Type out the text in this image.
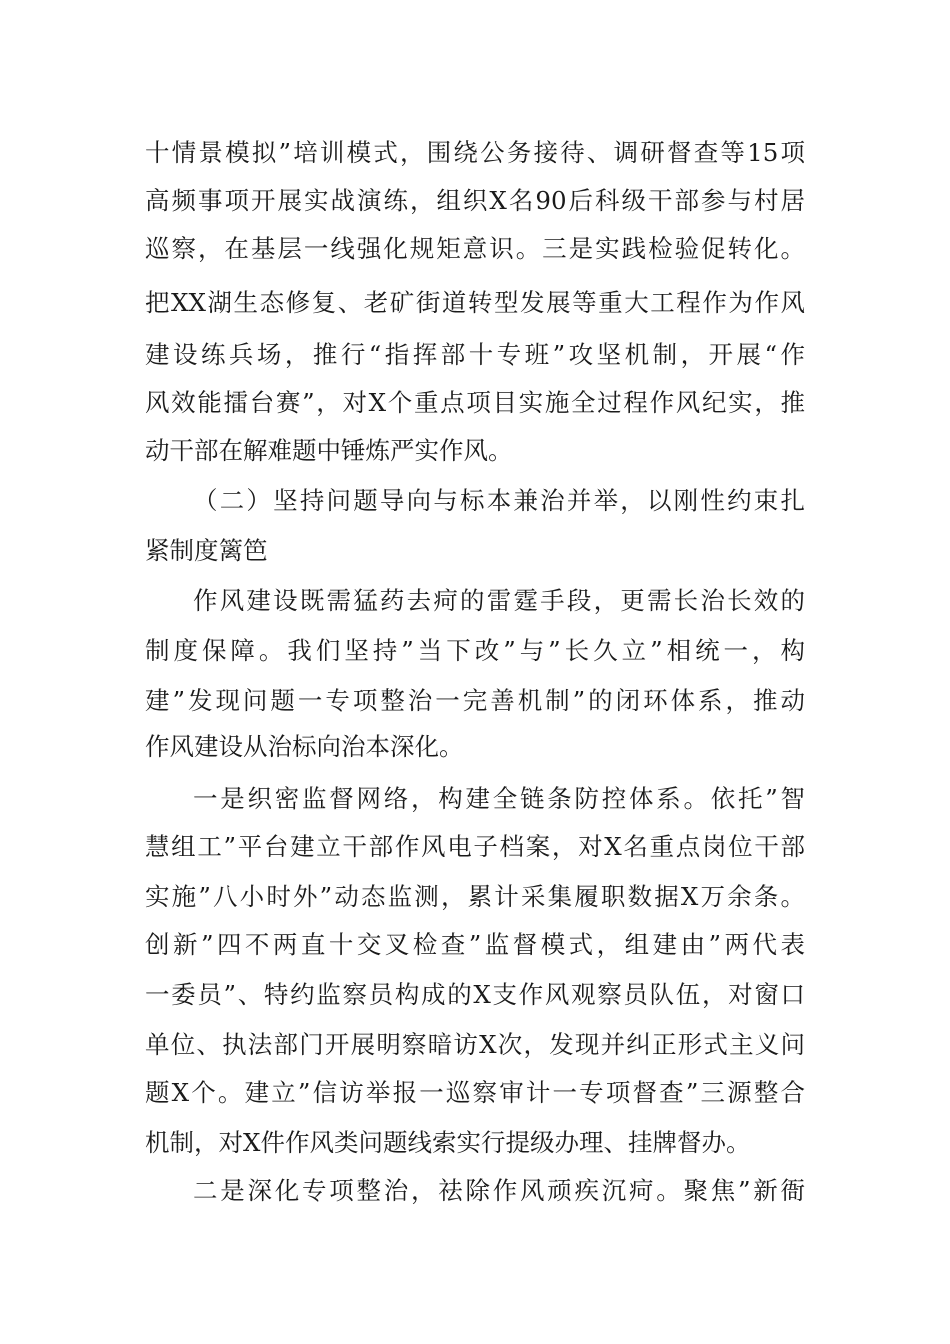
十情景模拟”培训模式，围绕公务接待、调研督查等15项
高频事项开展实战演练，组织X名90后科级干部参与村居
巡察，在基层一线强化规矩意识。三是实践检验促转化。
把XX湖生态修复、老矿街道转型发展等重大工程作为作风
建设练兵场，推行“指挥部十专班”攻坚机制，开展“作
风效能擂台赛”，对X个重点项目实施全过程作风纪实，推
动干部在解难题中锤炼严实作风。
（二）坚持问题导向与标本兼治并举，以刚性约束扎
紧制度篱笆
作风建设既需猛药去疴的雷霆手段，更需长治长效的
制度保障。我们坚持”当下改”与”长久立”相统一，构
建”发现问题一专项整治一完善机制”的闭环体系，推动
作风建设从治标向治本深化。
一是织密监督网络，构建全链条防控体系。依托”智
慧组工”平台建立干部作风电子档案，对X名重点岗位干部
实施”八小时外”动态监测，累计采集履职数据X万余条。
创新”四不两直十交叉检查”监督模式，组建由”两代表
一委员”、特约监察员构成的X支作风观察员队伍，对窗口
单位、执法部门开展明察暗访X次，发现并纠正形式主义问
题X个。建立”信访举报一巡察审计一专项督查”三源整合
机制，对X件作风类问题线索实行提级办理、挂牌督办。
二是深化专项整治，祛除作风顽疾沉疴。聚焦”新衙
